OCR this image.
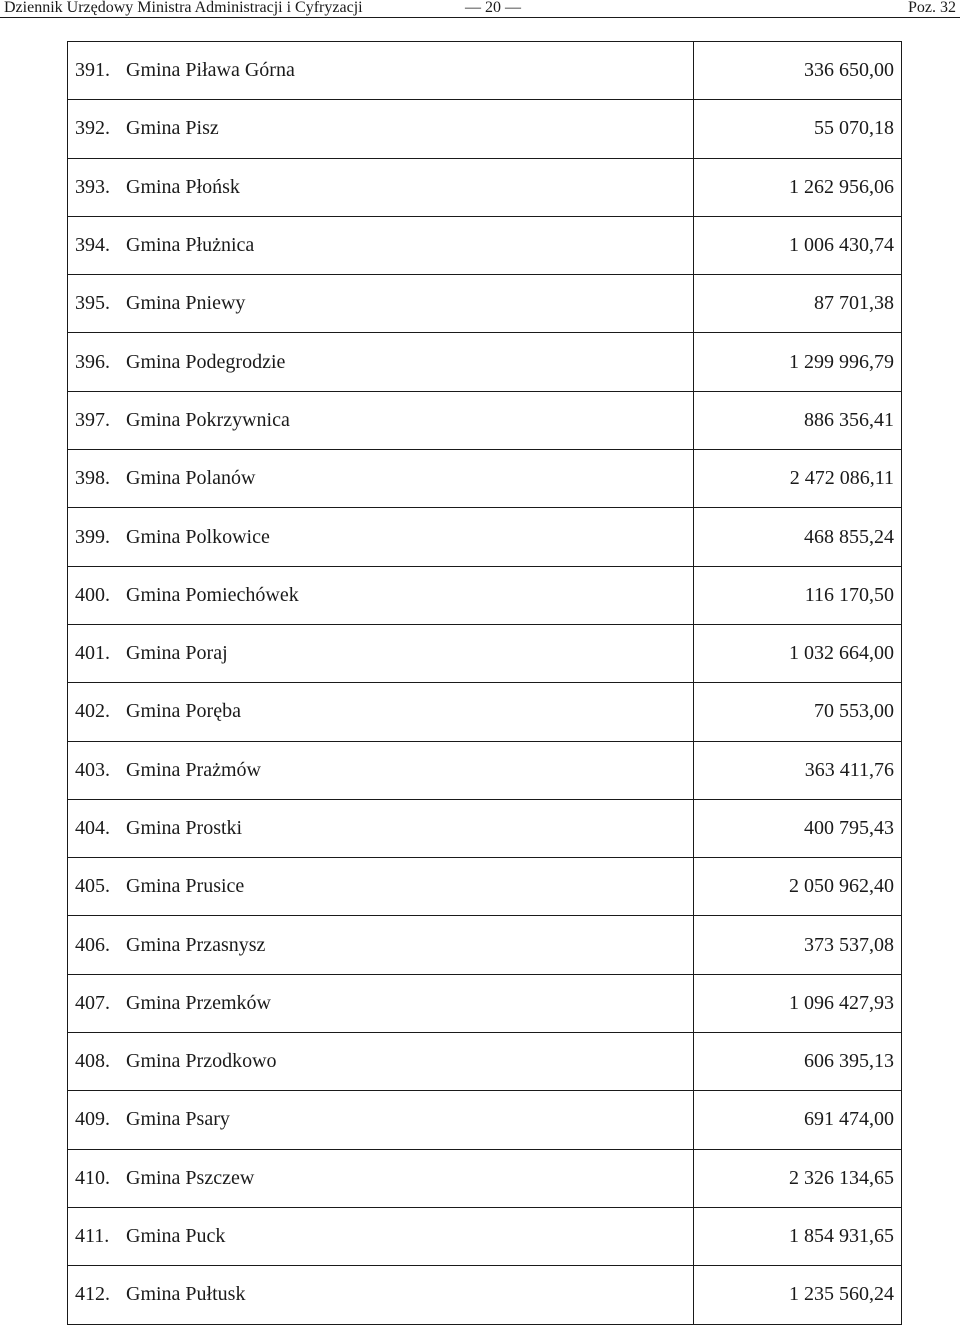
Dziennik Urzędowy Ministra Administracji i Cyfryzacji	— 20 —	Poz. 32
391. Gmina Piława Górna	336 650,00
392. Gmina Pisz	55 070,18
393. Gmina Płońsk	1 262 956,06
394. Gmina Płużnica	1 006 430,74
395. Gmina Pniewy	87 701,38
396. Gmina Podegrodzie	1 299 996,79
397. Gmina Pokrzywnica	886 356,41
398. Gmina Polanów	2 472 086,11
399. Gmina Polkowice	468 855,24
400. Gmina Pomiechówek	116 170,50
401. Gmina Poraj	1 032 664,00
402. Gmina Poręba	70 553,00
403. Gmina Prażmów	363 411,76
404. Gmina Prostki	400 795,43
405. Gmina Prusice	2 050 962,40
406. Gmina Przasnysz	373 537,08
407. Gmina Przemków	1 096 427,93
408. Gmina Przodkowo	606 395,13
409. Gmina Psary	691 474,00
410. Gmina Pszczew	2 326 134,65
411. Gmina Puck	1 854 931,65
412. Gmina Pułtusk	1 235 560,24
